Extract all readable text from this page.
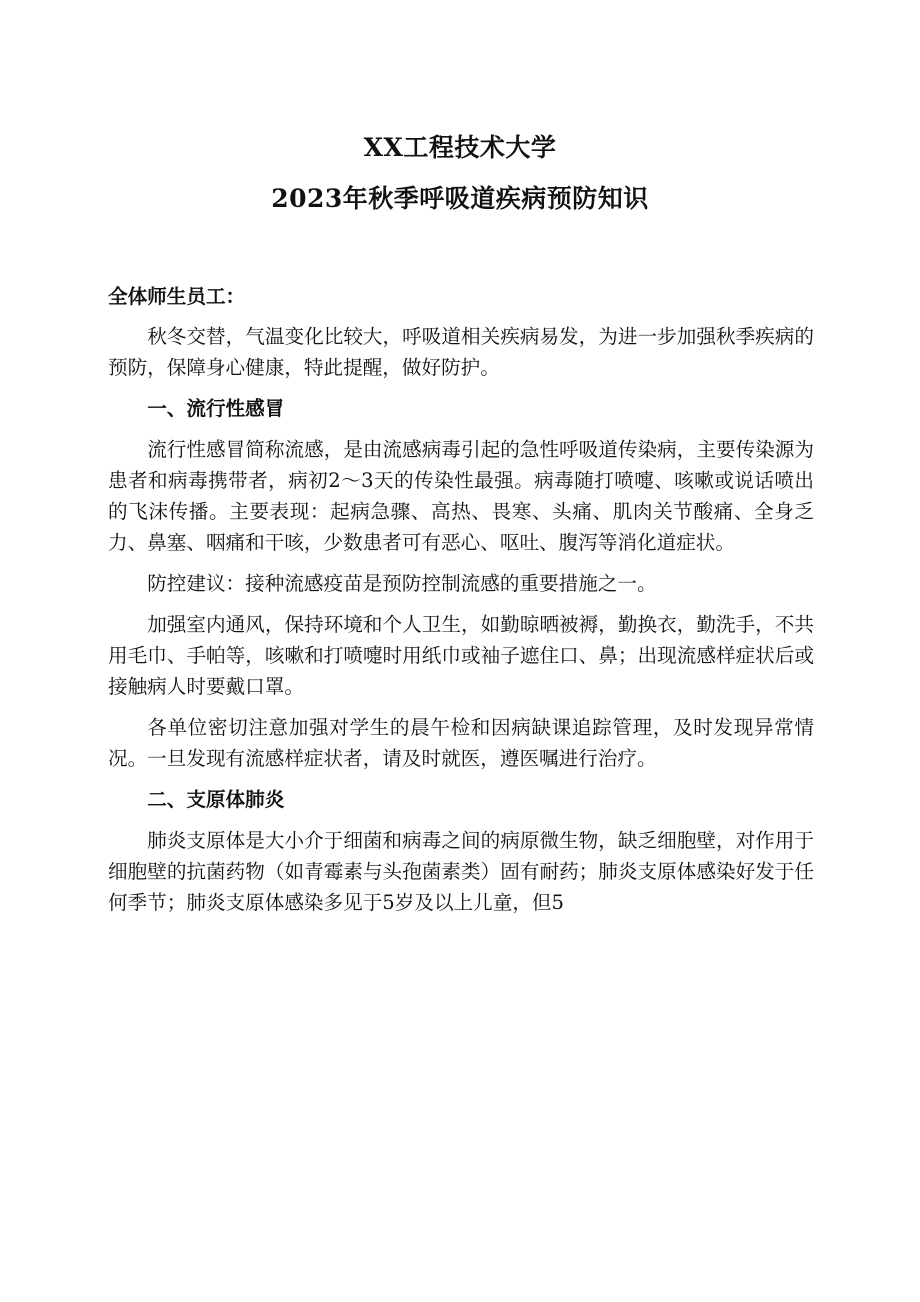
XX工程技术大学
2023年秋季呼吸道疾病预防知识

全体师生员工：

秋冬交替，气温变化比较大，呼吸道相关疾病易发，为进一步加强秋季疾病的预防，保障身心健康，特此提醒，做好防护。

一、流行性感冒

流行性感冒简称流感，是由流感病毒引起的急性呼吸道传染病，主要传染源为患者和病毒携带者，病初2〜3天的传染性最强。病毒随打喷嚏、咳嗽或说话喷出的飞沫传播。主要表现：起病急骤、高热、畏寒、头痛、肌肉关节酸痛、全身乏力、鼻塞、咽痛和干咳，少数患者可有恶心、呕吐、腹泻等消化道症状。

防控建议：接种流感疫苗是预防控制流感的重要措施之一。

加强室内通风，保持环境和个人卫生，如勤晾晒被褥，勤换衣，勤洗手，不共用毛巾、手帕等，咳嗽和打喷嚏时用纸巾或袖子遮住口、鼻；出现流感样症状后或接触病人时要戴口罩。

各单位密切注意加强对学生的晨午检和因病缺课追踪管理，及时发现异常情况。一旦发现有流感样症状者，请及时就医，遵医嘱进行治疗。

二、支原体肺炎

肺炎支原体是大小介于细菌和病毒之间的病原微生物，缺乏细胞壁，对作用于细胞壁的抗菌药物（如青霉素与头孢菌素类）固有耐药；肺炎支原体感染好发于任何季节；肺炎支原体感染多见于5岁及以上儿童，但5
